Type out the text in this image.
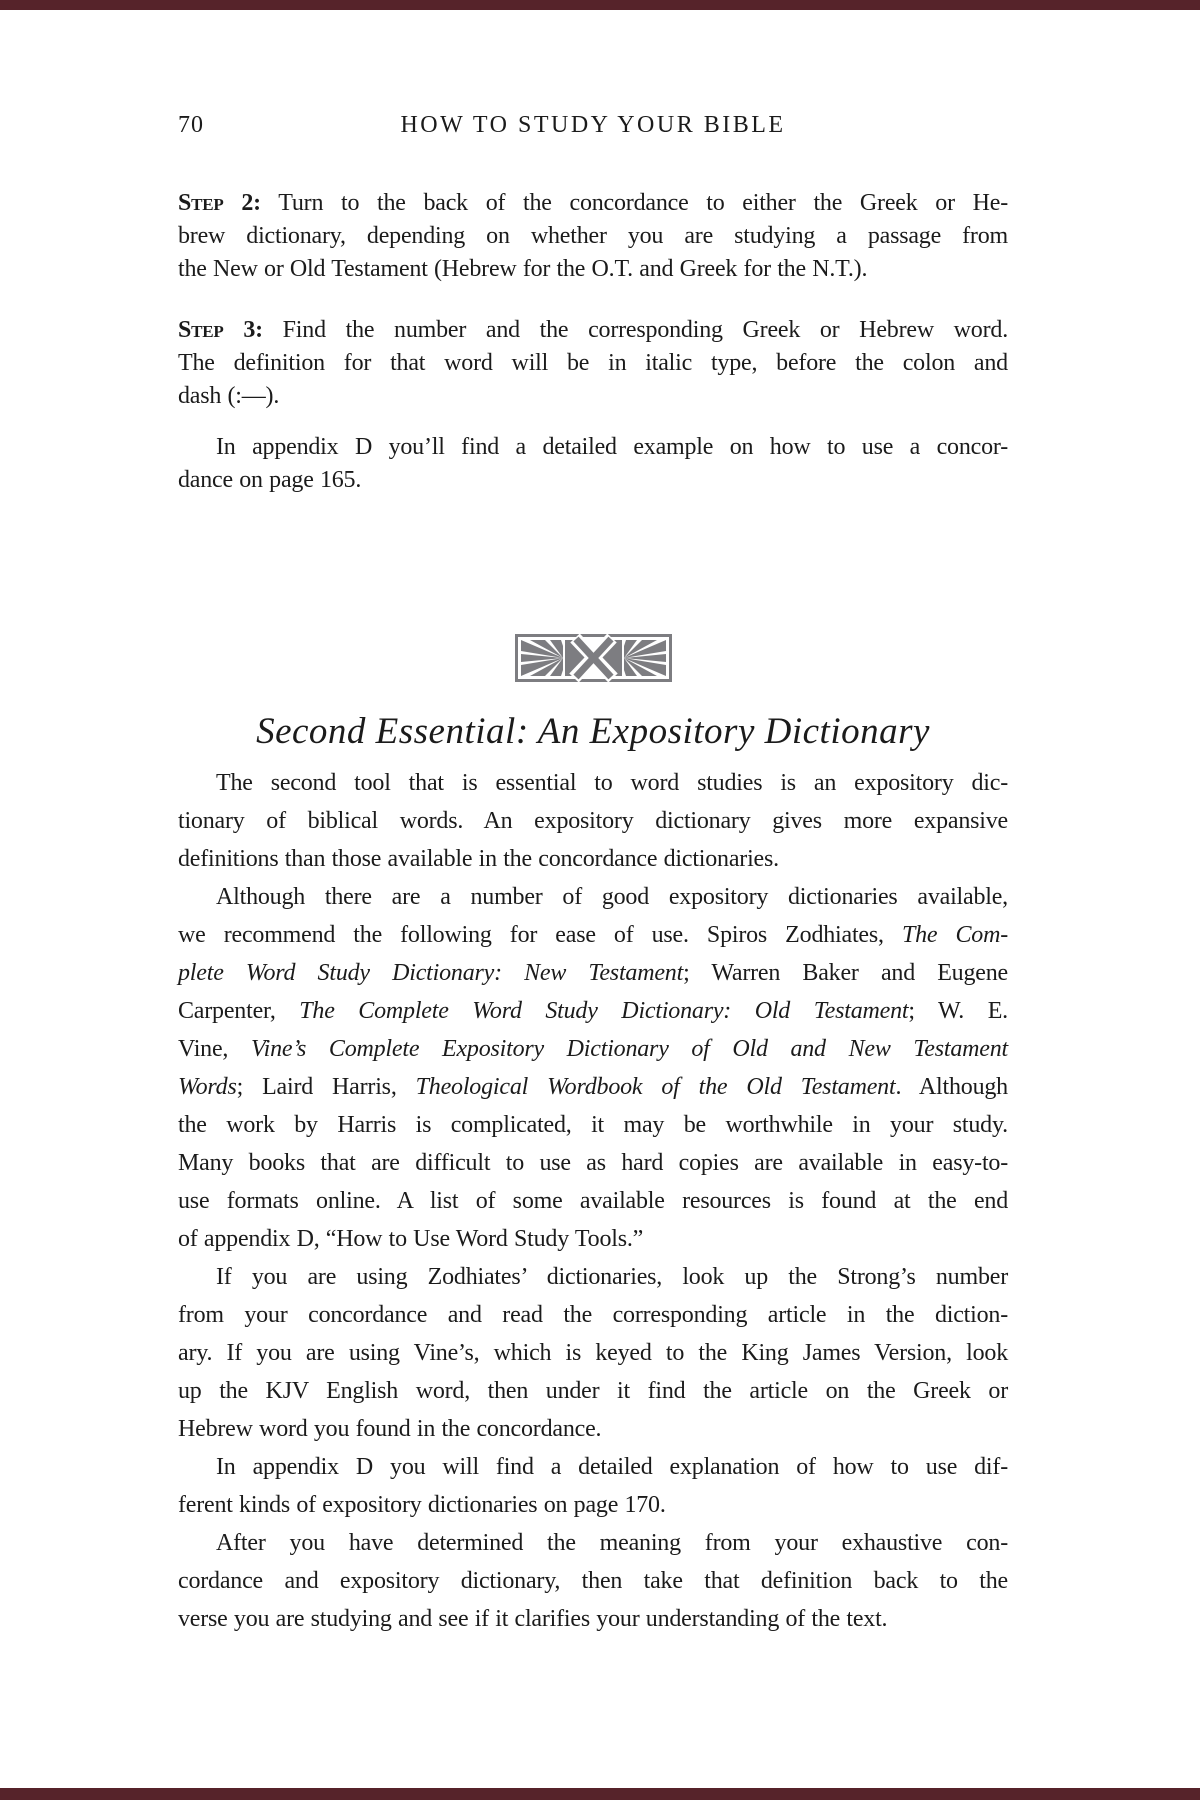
70	HOW TO STUDY YOUR BIBLE
Step 2: Turn to the back of the concordance to either the Greek or He-
brew dictionary, depending on whether you are studying a passage from
the New or Old Testament (Hebrew for the O.T. and Greek for the N.T.).
Step 3: Find the number and the corresponding Greek or Hebrew word.
The definition for that word will be in italic type, before the colon and
dash (:—).
In appendix D you’ll find a detailed example on how to use a concor-
dance on page 165.
Second Essential: An Expository Dictionary
The second tool that is essential to word studies is an expository dic-
tionary of biblical words. An expository dictionary gives more expansive
definitions than those available in the concordance dictionaries.
Although there are a number of good expository dictionaries available,
we recommend the following for ease of use. Spiros Zodhiates, The Com-
plete Word Study Dictionary: New Testament; Warren Baker and Eugene
Carpenter, The Complete Word Study Dictionary: Old Testament; W. E.
Vine, Vine’s Complete Expository Dictionary of Old and New Testament
Words; Laird Harris, Theological Wordbook of the Old Testament. Although
the work by Harris is complicated, it may be worthwhile in your study.
Many books that are difficult to use as hard copies are available in easy-to-
use formats online. A list of some available resources is found at the end
of appendix D, “How to Use Word Study Tools.”
If you are using Zodhiates’ dictionaries, look up the Strong’s number
from your concordance and read the corresponding article in the diction-
ary. If you are using Vine’s, which is keyed to the King James Version, look
up the KJV English word, then under it find the article on the Greek or
Hebrew word you found in the concordance.
In appendix D you will find a detailed explanation of how to use dif-
ferent kinds of expository dictionaries on page 170.
After you have determined the meaning from your exhaustive con-
cordance and expository dictionary, then take that definition back to the
verse you are studying and see if it clarifies your understanding of the text.
